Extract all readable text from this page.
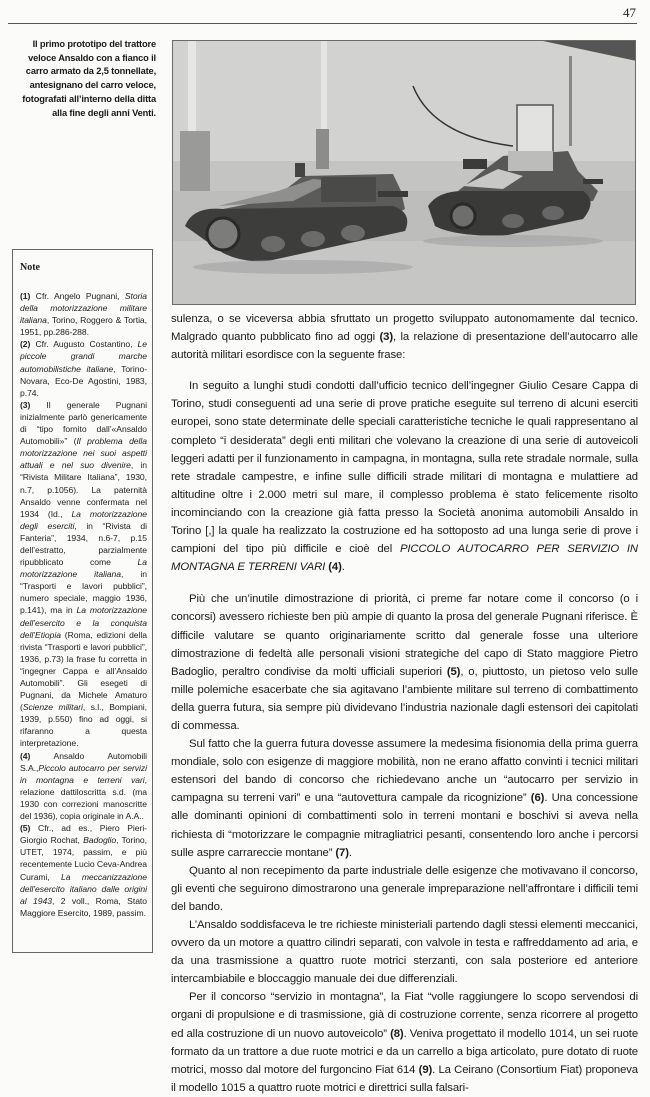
47
Il primo prototipo del trattore
veloce Ansaldo con a fianco il
carro armato da 2,5 tonnellate,
antesignano del carro veloce,
fotografati all’interno della ditta
alla fine degli anni Venti.
Note
(1) Cfr. Angelo Pugnani, Storia della motorizzazione militare italiana, Torino, Roggero & Tortia, 1951, pp.286-288.
(2) Cfr. Augusto Costantino, Le piccole grandi marche automobilistiche italiane, Torino-Novara, Eco-De Agostini, 1983, p.74.
(3) Il generale Pugnani inizialmente parlò genericamente di “tipo fornito dall’«Ansaldo Automobili»” (Il problema della motorizzazione nei suoi aspetti attuali e nel suo divenire, in “Rivista Militare Italiana”, 1930, n.7, p.1056). La paternità Ansaldo venne confermata nel 1934 (Id., La motorizzazione degli eserciti, in “Rivista di Fanteria”, 1934, n.6-7, p.15 dell’estratto, parzialmente ripubblicato come La motorizzazione italiana, in “Trasporti e lavori pubblici”, numero speciale, maggio 1936, p.141), ma in La motorizzazione dell’esercito e la conquista dell’Etiopia (Roma, edizioni della rivista “Trasporti e lavori pubblici”, 1936, p.73) la frase fu corretta in “ingegner Cappa e all’Ansaldo Automobili”. Gli esegeti di Pugnani, da Michele Amaturo (Scienze militari, s.l., Bompiani, 1939, p.550) fino ad oggi, si rifaranno a questa interpretazione.
(4) Ansaldo Automobili S.A.,Piccolo autocarro per servizi in montagna e terreni vari, relazione dattiloscritta s.d. (ma 1930 con correzioni manoscritte del 1936), copia originale in A.A..
(5) Cfr., ad es., Piero Pieri-Giorgio Rochat, Badoglio, Torino, UTET, 1974, passim, e più recentemente Lucio Ceva-Andrea Curami, La meccanizzazione dell’esercito italiano dalle origini al 1943, 2 voll., Roma, Stato Maggiore Esercito, 1989, passim.

sulenza, o se viceversa abbia sfruttato un progetto sviluppato autonomamente dal tecnico. Malgrado quanto pubblicato fino ad oggi (3), la relazione di presentazione dell’autocarro alle autorità militari esordisce con la seguente frase:

In seguito a lunghi studi condotti dall’ufficio tecnico dell’ingegner Giulio Cesare Cappa di Torino, studi conseguenti ad una serie di prove pratiche eseguite sul terreno di alcuni eserciti europei, sono state determinate delle speciali caratteristiche tecniche le quali rappresentano al completo “i desiderata” degli enti militari che volevano la creazione di una serie di autoveicoli leggeri adatti per il funzionamento in campagna, in montagna, sulla rete stradale normale, sulla rete stradale campestre, e infine sulle difficili strade militari di montagna e mulattiere ad altitudine oltre i 2.000 metri sul mare, il complesso problema è stato felicemente risolto incominciando con la creazione già fatta presso la Società anonima automobili Ansaldo in Torino [,] la quale ha realizzato la costruzione ed ha sottoposto ad una lunga serie di prove i campioni del tipo più difficile e cioè del PICCOLO AUTOCARRO PER SERVIZIO IN MONTAGNA E TERRENI VARI (4).

Più che un’inutile dimostrazione di priorità, ci preme far notare come il concorso (o i concorsi) avessero richieste ben più ampie di quanto la prosa del generale Pugnani riferisce. È difficile valutare se quanto originariamente scritto dal generale fosse una ulteriore dimostrazione di fedeltà alle personali visioni strategiche del capo di Stato maggiore Pietro Badoglio, peraltro condivise da molti ufficiali superiori (5), o, piuttosto, un pietoso velo sulle mille polemiche esacerbate che sia agitavano l’ambiente militare sul terreno di combattimento della guerra futura, sia sempre più dividevano l’industria nazionale dagli estensori dei capitolati di commessa.

Sul fatto che la guerra futura dovesse assumere la medesima fisionomia della prima guerra mondiale, solo con esigenze di maggiore mobilità, non ne erano affatto convinti i tecnici militari estensori del bando di concorso che richiedevano anche un “autocarro per servizio in campagna su terreni vari” e una “autovettura campale da ricognizione” (6). Una concessione alle dominanti opinioni di combattimenti solo in terreni montani e boschivi si aveva nella richiesta di “motorizzare le compagnie mitragliatrici pesanti, consentendo loro anche i percorsi sulle aspre carrareccie montane” (7).

Quanto al non recepimento da parte industriale delle esigenze che motivavano il concorso, gli eventi che seguirono dimostrarono una generale impreparazione nell’affrontare i difficili temi del bando.

L’Ansaldo soddisfaceva le tre richieste ministeriali partendo dagli stessi elementi meccanici, ovvero da un motore a quattro cilindri separati, con valvole in testa e raffreddamento ad aria, e da una trasmissione a quattro ruote motrici sterzanti, con sala posteriore ed anteriore intercambiabile e bloccaggio manuale dei due differenziali.

Per il concorso “servizio in montagna”, la Fiat “volle raggiungere lo scopo servendosi di organi di propulsione e di trasmissione, già di costruzione corrente, senza ricorrere al progetto ed alla costruzione di un nuovo autoveicolo” (8). Veniva progettato il modello 1014, un sei ruote formato da un trattore a due ruote motrici e da un carrello a biga articolato, pure dotato di ruote motrici, mosso dal motore del furgoncino Fiat 614 (9). La Ceirano (Consortium Fiat) proponeva il modello 1015 a quattro ruote motrici e direttrici sulla falsari-
